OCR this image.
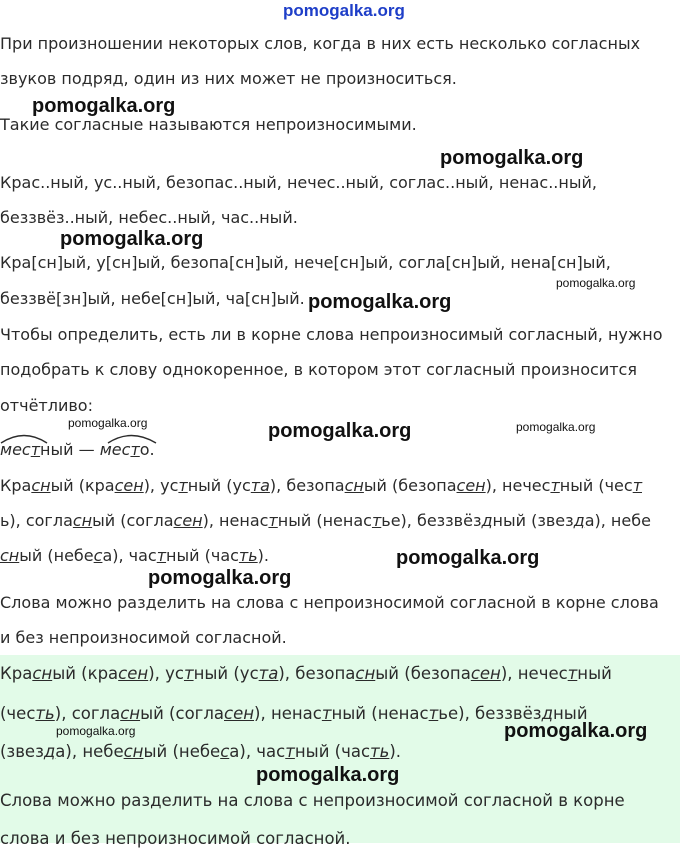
pomogalka.org
pomogalka.org
pomogalka.org
pomogalka.org
pomogalka.org
pomogalka.org
pomogalka.org	pomogalka.org	pomogalka.org
pomogalka.org
pomogalka.org
pomogalka.org	pomogalka.org
pomogalka.org
При произношении некоторых слов, когда в них есть несколько согласных
звуков подряд, один из них может не произноситься.
Такие согласные называются непроизносимыми.
Крас..ный, ус..ный, безопас..ный, нечес..ный, соглас..ный, ненас..ный,
беззвёз..ный, небес..ный, час..ный.
Кра[сн]ый, у[сн]ый, безопа[сн]ый, нече[сн]ый, согла[сн]ый, нена[сн]ый,
беззвё[зн]ый, небе[сн]ый, ча[сн]ый.
Чтобы определить, есть ли в корне слова непроизносимый согласный, нужно
подобрать к слову однокоренное, в котором этот согласный произносится
отчётливо:
местный — место.
Красный (красен), устный (уста), безопасный (безопасен), нечестный (чест
ь), согласный (согласен), ненастный (ненастье), беззвёздный (звезда), небе
сный (небеса), частный (часть).
Слова можно разделить на слова с непроизносимой согласной в корне слова
и без непроизносимой согласной.
Красный (красен), устный (уста), безопасный (безопасен), нечестный
(честь), согласный (согласен), ненастный (ненастье), беззвёздный
(звезда), небесный (небеса), частный (часть).
Слова можно разделить на слова с непроизносимой согласной в корне
слова и без непроизносимой согласной.
